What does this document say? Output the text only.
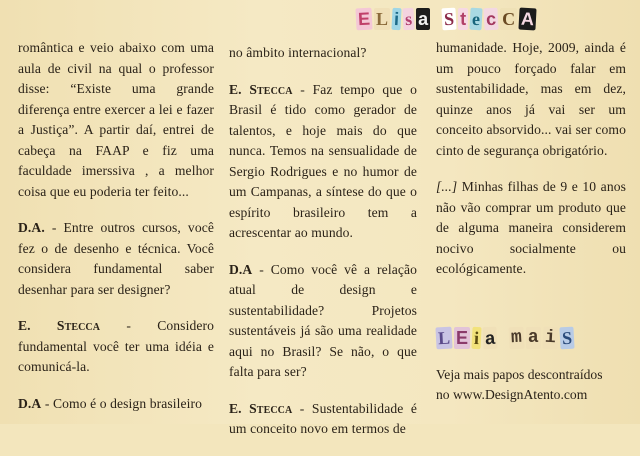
E L i s a S t e c C A

romântica e veio abaixo com uma aula de civil na qual o professor disse: “Existe uma grande diferença entre exercer a lei e fazer a Justiça”. A partir daí, entrei de cabeça na FAAP e fiz uma faculdade imerssiva , a melhor coisa que eu poderia ter feito...

D.A. - Entre outros cursos, você fez o de desenho e técnica. Você considera fundamental saber desenhar para ser designer?

E. Stecca - Considero fundamental você ter uma idéia e comunicá-la.

D.A - Como é o design brasileiro

no âmbito internacional?

E. Stecca - Faz tempo que o Brasil é tido como gerador de talentos, e hoje mais do que nunca. Temos na sensualidade de Sergio Rodrigues e no humor de um Campanas, a síntese do que o espírito brasileiro tem a acrescentar ao mundo.

D.A - Como você vê a relação atual de design e sustentabilidade? Projetos sustentáveis já são uma realidade aqui no Brasil? Se não, o que falta para ser?

E. Stecca - Sustentabilidade é um conceito novo em termos de

humanidade. Hoje, 2009, ainda é um pouco forçado falar em sustentabilidade, mas em dez, quinze anos já vai ser um conceito absorvido... vai ser como cinto de segurança obrigatório.

[...] Minhas filhas de 9 e 10 anos não vão comprar um produto que de alguma maneira considerem nocivo socialmente ou ecológicamente.

L E i a m a i S
Veja mais papos descontraídos
no www.DesignAtento.com
